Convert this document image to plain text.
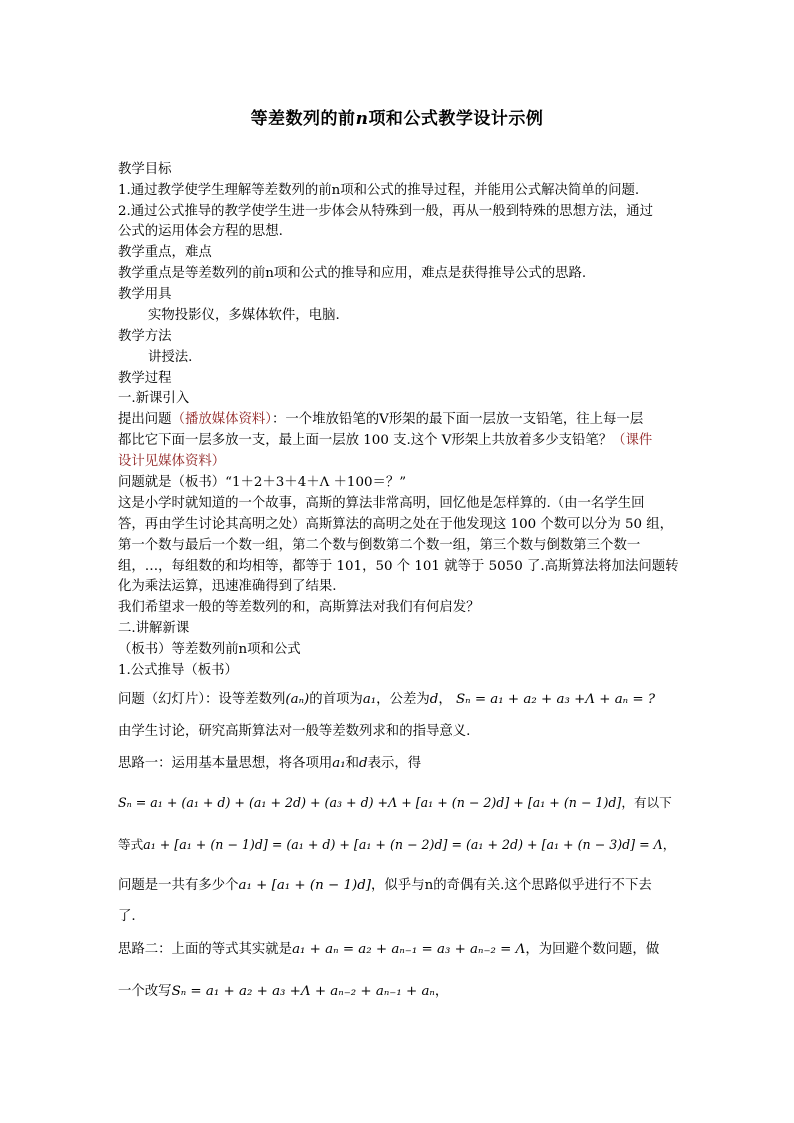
等差数列的前n项和公式教学设计示例
教学目标
1.通过教学使学生理解等差数列的前n项和公式的推导过程，并能用公式解决简单的问题.
2.通过公式推导的教学使学生进一步体会从特殊到一般，再从一般到特殊的思想方法，通过
公式的运用体会方程的思想.
教学重点，难点
教学重点是等差数列的前n项和公式的推导和应用，难点是获得推导公式的思路.
教学用具
实物投影仪，多媒体软件，电脑.
教学方法
讲授法.
教学过程
一.新课引入
提出问题（播放媒体资料）：一个堆放铅笔的V形架的最下面一层放一支铅笔，往上每一层
都比它下面一层多放一支，最上面一层放 100 支.这个 V形架上共放着多少支铅笔？（课件
设计见媒体资料）
问题就是（板书）“1＋2＋3＋4＋Λ ＋100＝？”
这是小学时就知道的一个故事，高斯的算法非常高明，回忆他是怎样算的.（由一名学生回
答，再由学生讨论其高明之处）高斯算法的高明之处在于他发现这 100 个数可以分为 50 组，
第一个数与最后一个数一组，第二个数与倒数第二个数一组，第三个数与倒数第三个数一
组，…，每组数的和均相等，都等于 101，50 个 101 就等于 5050 了.高斯算法将加法问题转
化为乘法运算，迅速准确得到了结果.
我们希望求一般的等差数列的和，高斯算法对我们有何启发？
二.讲解新课
（板书）等差数列前n项和公式
1.公式推导（板书）
问题（幻灯片）：设等差数列(aₙ)的首项为a₁，公差为d， Sₙ = a₁ + a₂ + a₃ +Λ + aₙ = ?
由学生讨论，研究高斯算法对一般等差数列求和的指导意义.
思路一：运用基本量思想，将各项用a₁和d表示，得
Sₙ = a₁ + (a₁ + d) + (a₁ + 2d) + (a₃ + d) +Λ + [a₁ + (n − 2)d] + [a₁ + (n − 1)d]，有以下
等式a₁ + [a₁ + (n − 1)d] = (a₁ + d) + [a₁ + (n − 2)d] = (a₁ + 2d) + [a₁ + (n − 3)d] = Λ，
问题是一共有多少个a₁ + [a₁ + (n − 1)d]，似乎与n的奇偶有关.这个思路似乎进行不下去
了.
思路二：上面的等式其实就是a₁ + aₙ = a₂ + aₙ₋₁ = a₃ + aₙ₋₂ = Λ，为回避个数问题，做
一个改写Sₙ = a₁ + a₂ + a₃ +Λ + aₙ₋₂ + aₙ₋₁ + aₙ，
